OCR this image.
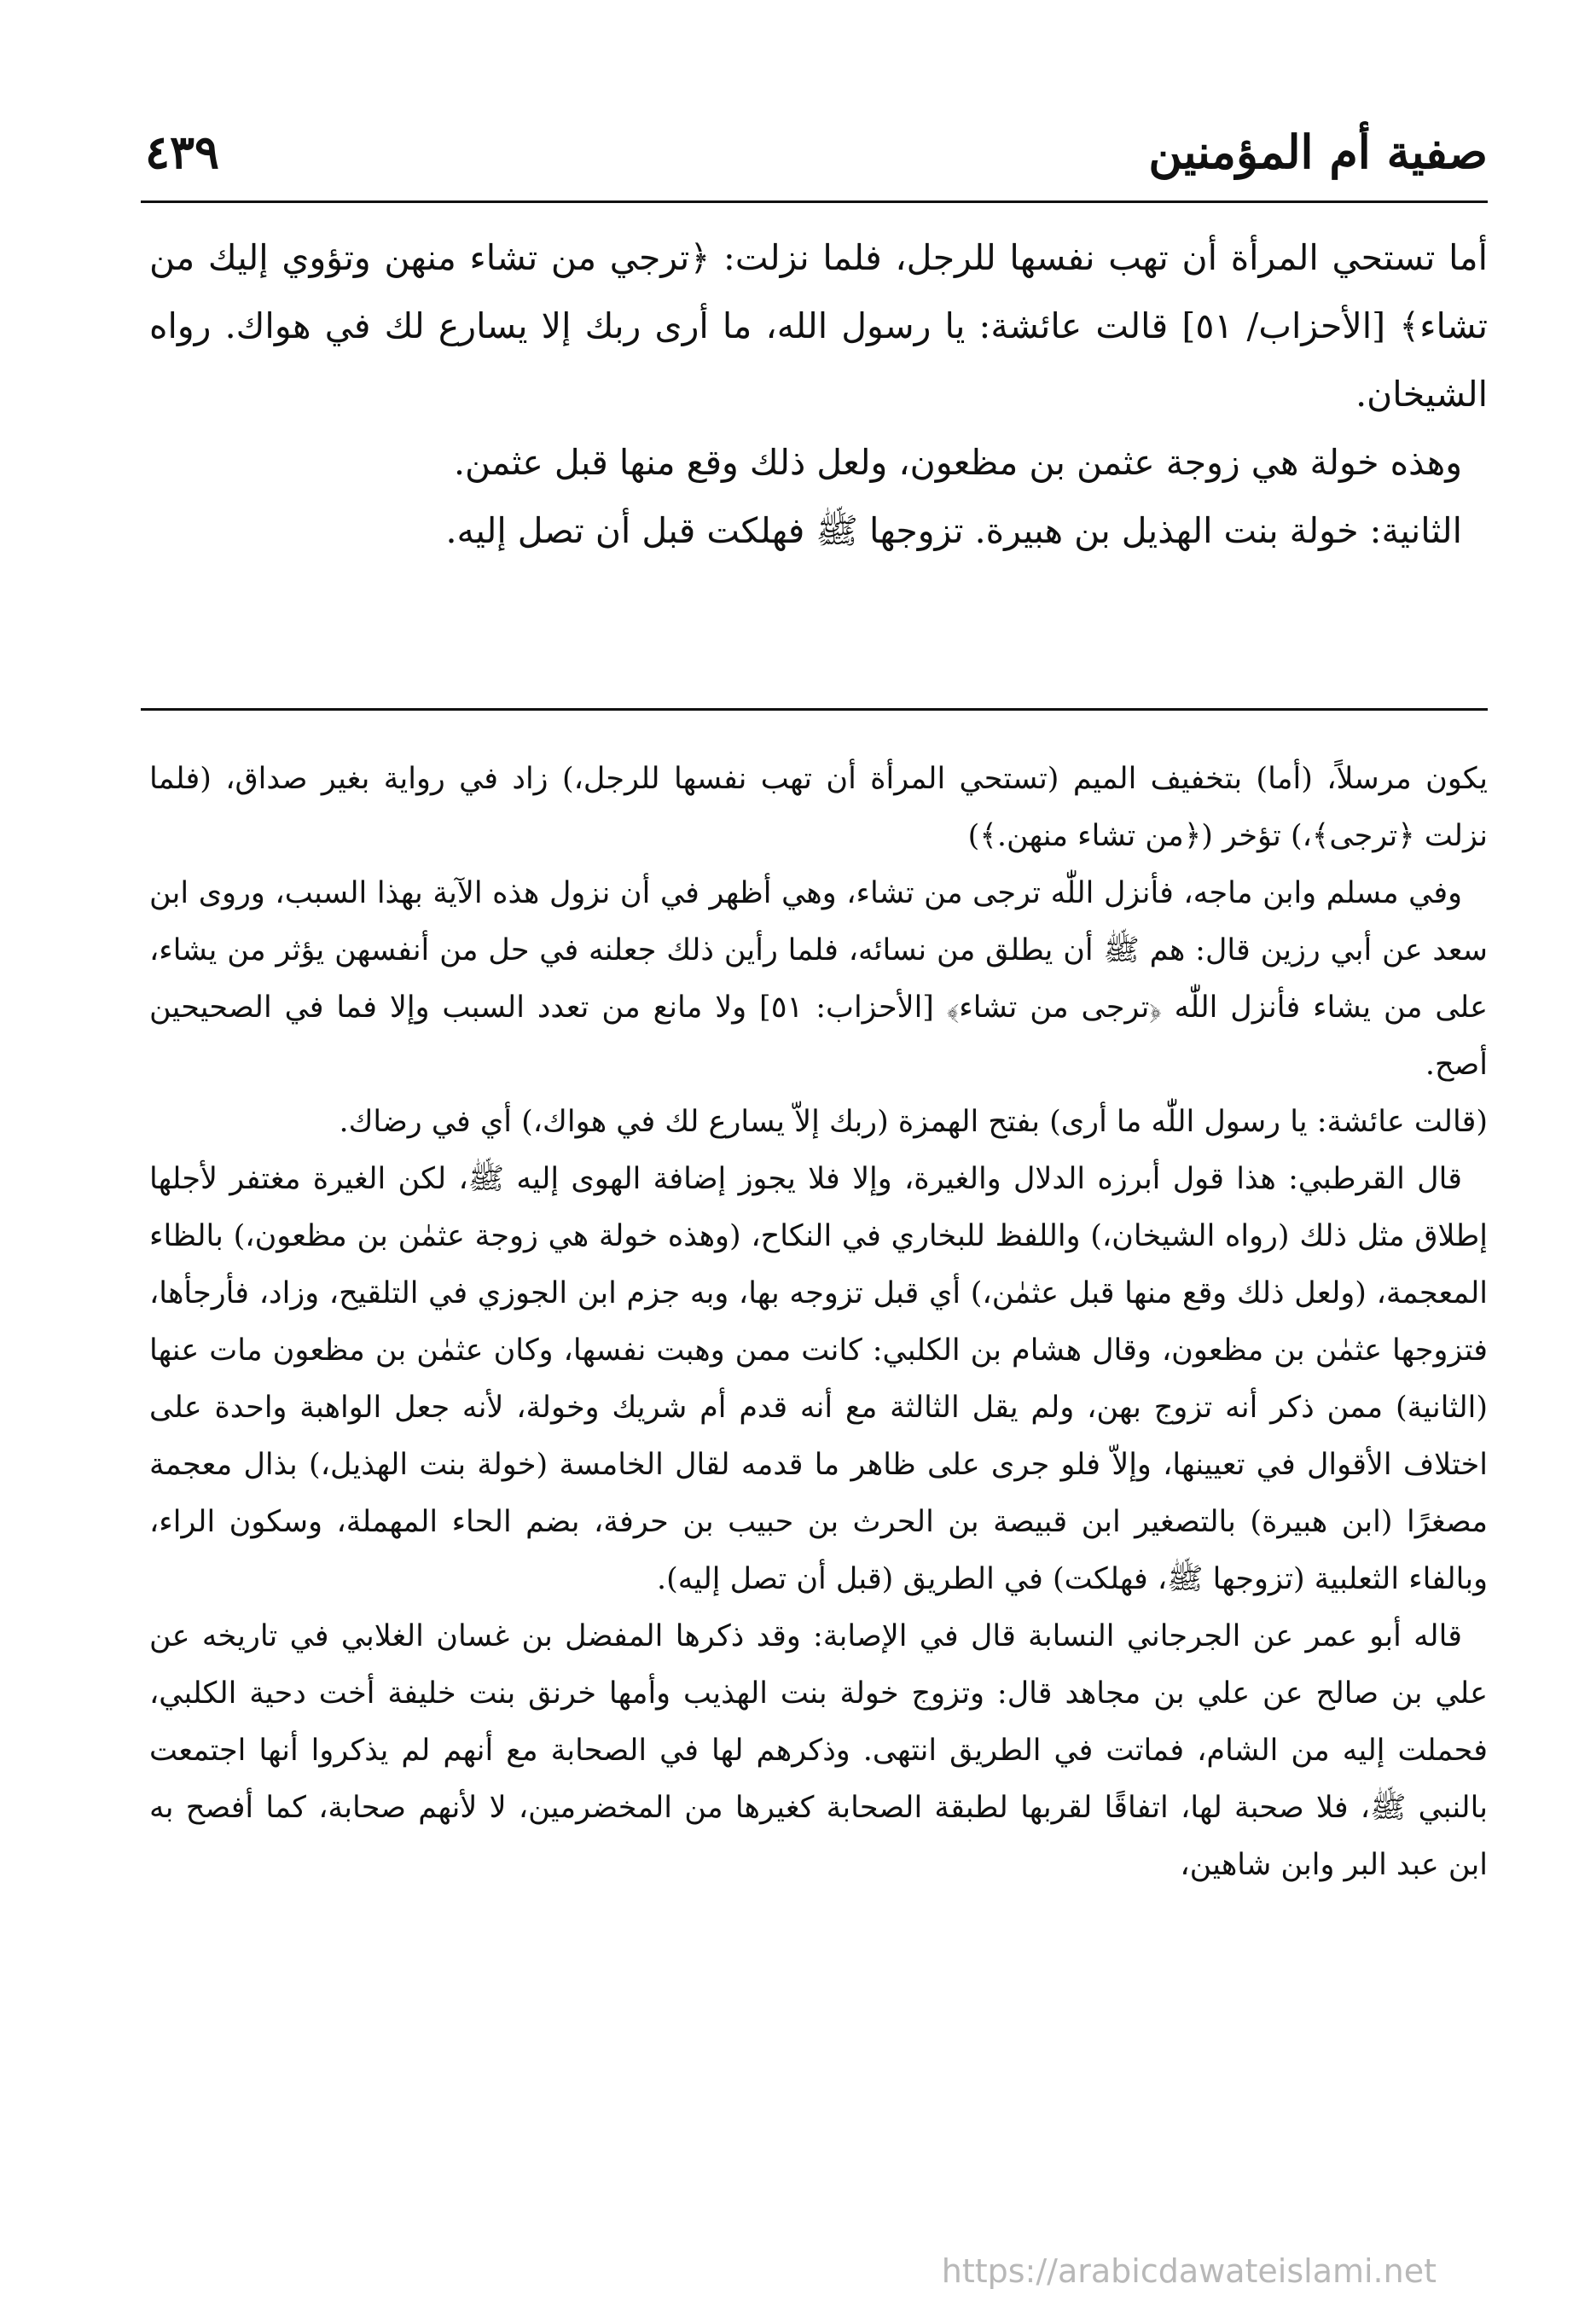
صفية أم المؤمنين
٤٣٩

أما تستحي المرأة أن تهب نفسها للرجل، فلما نزلت: ﴿ترجي من تشاء منهن وتؤوي إليك من تشاء﴾ [الأحزاب/ ٥١] قالت عائشة: يا رسول الله، ما أرى ربك إلا يسارع لك في هواك. رواه الشيخان.

وهذه خولة هي زوجة عثمن بن مظعون، ولعل ذلك وقع منها قبل عثمن.

الثانية: خولة بنت الهذيل بن هبيرة. تزوجها ﷺ فهلكت قبل أن تصل إليه.

يكون مرسلاً، (أما) بتخفيف الميم (تستحي المرأة أن تهب نفسها للرجل،) زاد في رواية بغير صداق، (فلما نزلت ﴿ترجى﴾،) تؤخر (﴿من تشاء منهن.﴾)

وفي مسلم وابن ماجه، فأنزل اللّٰه ترجى من تشاء، وهي أظهر في أن نزول هذه الآية بهذا السبب، وروى ابن سعد عن أبي رزين قال: هم ﷺ أن يطلق من نسائه، فلما رأين ذلك جعلنه في حل من أنفسهن يؤثر من يشاء، على من يشاء فأنزل اللّٰه ﴿ترجى من تشاء﴾ [الأحزاب: ٥١] ولا مانع من تعدد السبب وإلا فما في الصحيحين أصح.

(قالت عائشة: يا رسول اللّٰه ما أرى) بفتح الهمزة (ربك إلاّ يسارع لك في هواك،) أي في رضاك.

قال القرطبي: هذا قول أبرزه الدلال والغيرة، وإلا فلا يجوز إضافة الهوى إليه ﷺ، لكن الغيرة مغتفر لأجلها إطلاق مثل ذلك (رواه الشيخان،) واللفظ للبخاري في النكاح، (وهذه خولة هي زوجة عثمٰن بن مظعون،) بالظاء المعجمة، (ولعل ذلك وقع منها قبل عثمٰن،) أي قبل تزوجه بها، وبه جزم ابن الجوزي في التلقيح، وزاد، فأرجأها، فتزوجها عثمٰن بن مظعون، وقال هشام بن الكلبي: كانت ممن وهبت نفسها، وكان عثمٰن بن مظعون مات عنها (الثانية) ممن ذكر أنه تزوج بهن، ولم يقل الثالثة مع أنه قدم أم شريك وخولة، لأنه جعل الواهبة واحدة على اختلاف الأقوال في تعيينها، وإلاّ فلو جرى على ظاهر ما قدمه لقال الخامسة (خولة بنت الهذيل،) بذال معجمة مصغرًا (ابن هبيرة) بالتصغير ابن قبيصة بن الحرث بن حبيب بن حرفة، بضم الحاء المهملة، وسكون الراء، وبالفاء الثعلبية (تزوجها ﷺ، فهلكت) في الطريق (قبل أن تصل إليه).

قاله أبو عمر عن الجرجاني النسابة قال في الإصابة: وقد ذكرها المفضل بن غسان الغلابي في تاريخه عن علي بن صالح عن علي بن مجاهد قال: وتزوج خولة بنت الهذيب وأمها خرنق بنت خليفة أخت دحية الكلبي، فحملت إليه من الشام، فماتت في الطريق انتهى. وذكرهم لها في الصحابة مع أنهم لم يذكروا أنها اجتمعت بالنبي ﷺ، فلا صحبة لها، اتفاقًا لقربها لطبقة الصحابة كغيرها من المخضرمين، لا لأنهم صحابة، كما أفصح به ابن عبد البر وابن شاهين،

https://arabicdawateislami.net
